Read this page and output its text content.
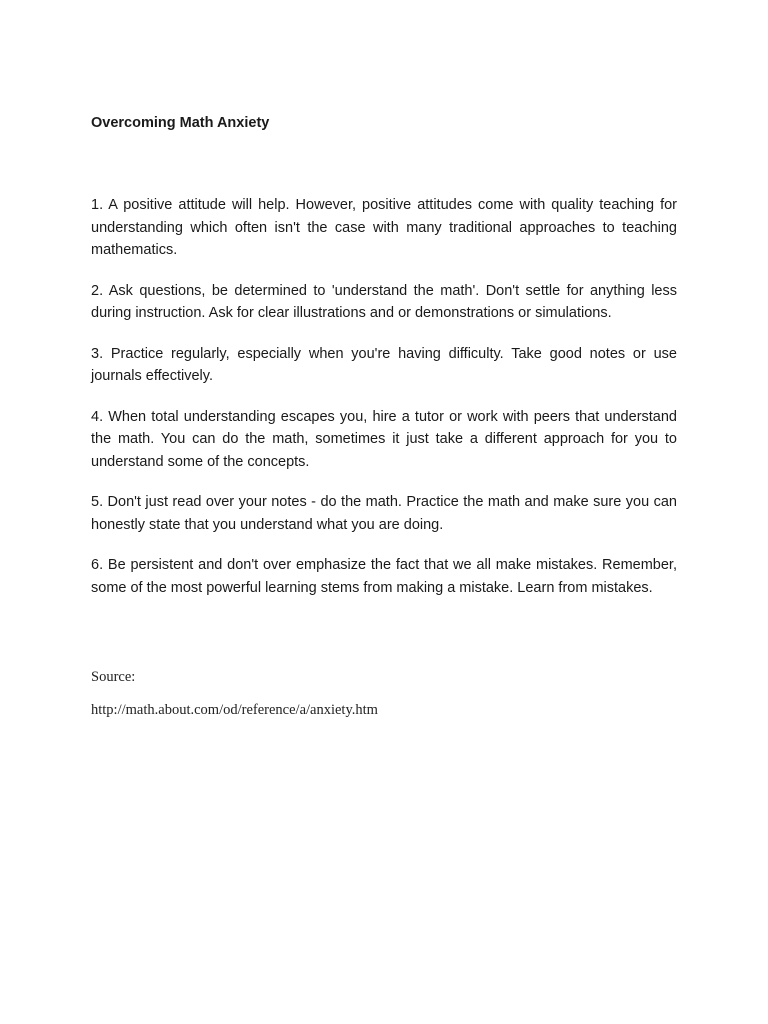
Overcoming Math Anxiety

1. A positive attitude will help. However, positive attitudes come with quality teaching for understanding which often isn't the case with many traditional approaches to teaching mathematics.

2. Ask questions, be determined to 'understand the math'. Don't settle for anything less during instruction. Ask for clear illustrations and or demonstrations or simulations.

3. Practice regularly, especially when you're having difficulty. Take good notes or use journals effectively.

4. When total understanding escapes you, hire a tutor or work with peers that understand the math. You can do the math, sometimes it just take a different approach for you to understand some of the concepts.

5. Don't just read over your notes - do the math. Practice the math and make sure you can honestly state that you understand what you are doing.

6. Be persistent and don't over emphasize the fact that we all make mistakes. Remember, some of the most powerful learning stems from making a mistake. Learn from mistakes.

Source:

http://math.about.com/od/reference/a/anxiety.htm
